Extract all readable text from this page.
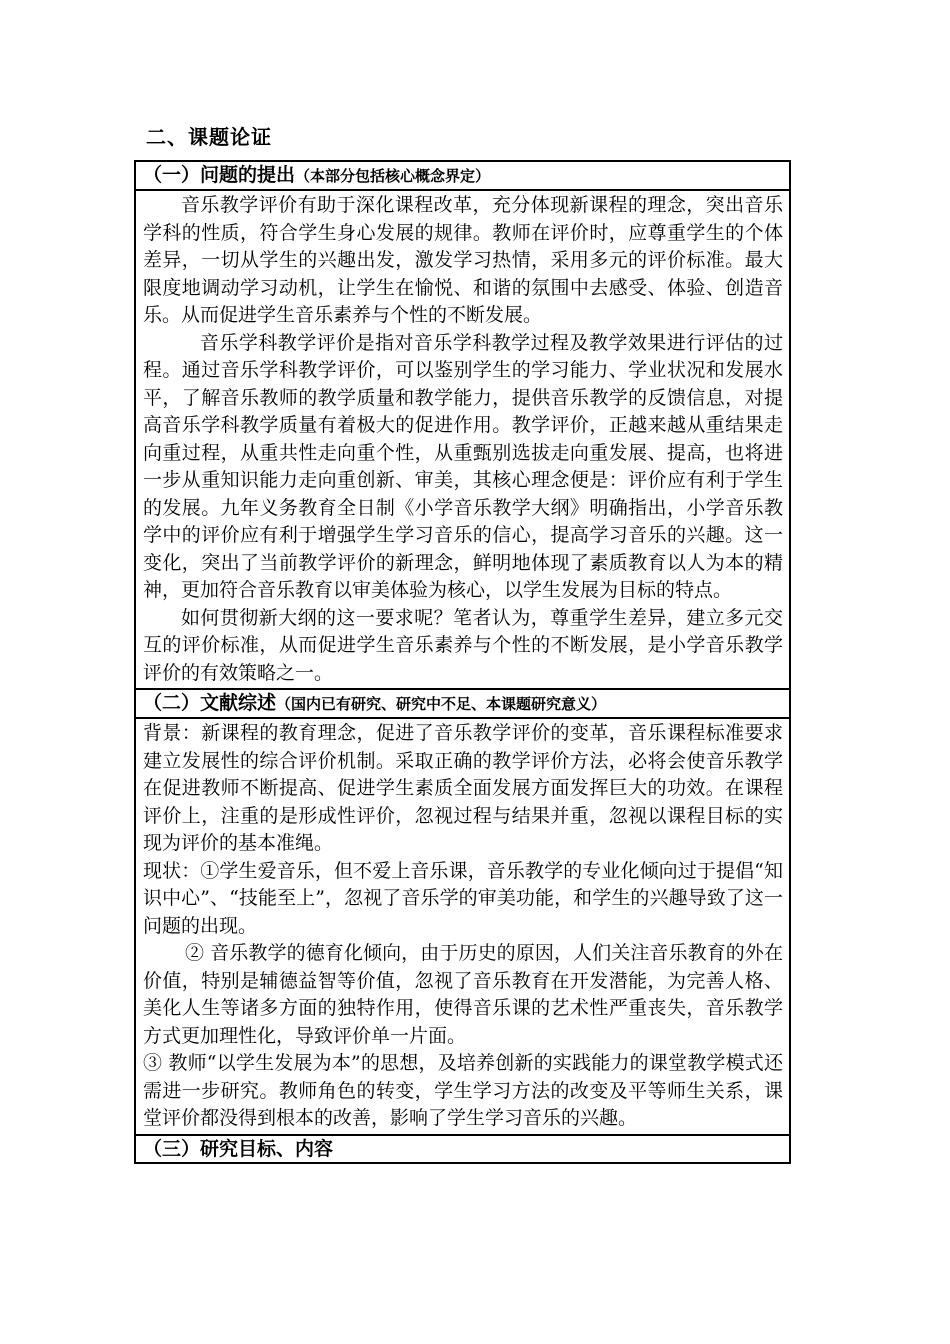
二、课题论证
（一）问题的提出（本部分包括核心概念界定）

音乐教学评价有助于深化课程改革，充分体现新课程的理念，突出音乐学科的性质，符合学生身心发展的规律。教师在评价时，应尊重学生的个体差异，一切从学生的兴趣出发，激发学习热情，采用多元的评价标准。最大限度地调动学习动机，让学生在愉悦、和谐的氛围中去感受、体验、创造音乐。从而促进学生音乐素养与个性的不断发展。

音乐学科教学评价是指对音乐学科教学过程及教学效果进行评估的过程。通过音乐学科教学评价，可以鉴别学生的学习能力、学业状况和发展水平，了解音乐教师的教学质量和教学能力，提供音乐教学的反馈信息，对提高音乐学科教学质量有着极大的促进作用。教学评价，正越来越从重结果走向重过程，从重共性走向重个性，从重甄别选拔走向重发展、提高，也将进一步从重知识能力走向重创新、审美，其核心理念便是：评价应有利于学生的发展。九年义务教育全日制《小学音乐教学大纲》明确指出，小学音乐教学中的评价应有利于增强学生学习音乐的信心，提高学习音乐的兴趣。这一变化，突出了当前教学评价的新理念，鲜明地体现了素质教育以人为本的精神，更加符合音乐教育以审美体验为核心，以学生发展为目标的特点。

如何贯彻新大纲的这一要求呢？笔者认为，尊重学生差异，建立多元交互的评价标准，从而促进学生音乐素养与个性的不断发展，是小学音乐教学评价的有效策略之一。

（二）文献综述（国内已有研究、研究中不足、本课题研究意义）

背景：新课程的教育理念，促进了音乐教学评价的变革，音乐课程标准要求建立发展性的综合评价机制。采取正确的教学评价方法，必将会使音乐教学在促进教师不断提高、促进学生素质全面发展方面发挥巨大的功效。在课程评价上，注重的是形成性评价，忽视过程与结果并重，忽视以课程目标的实现为评价的基本准绳。

现状：①学生爱音乐，但不爱上音乐课，音乐教学的专业化倾向过于提倡“知识中心”、“技能至上”，忽视了音乐学的审美功能，和学生的兴趣导致了这一问题的出现。

② 音乐教学的德育化倾向，由于历史的原因，人们关注音乐教育的外在价值，特别是辅德益智等价值，忽视了音乐教育在开发潜能，为完善人格、美化人生等诸多方面的独特作用，使得音乐课的艺术性严重丧失，音乐教学方式更加理性化，导致评价单一片面。

③ 教师“以学生发展为本”的思想，及培养创新的实践能力的课堂教学模式还需进一步研究。教师角色的转变，学生学习方法的改变及平等师生关系，课堂评价都没得到根本的改善，影响了学生学习音乐的兴趣。

（三）研究目标、内容
